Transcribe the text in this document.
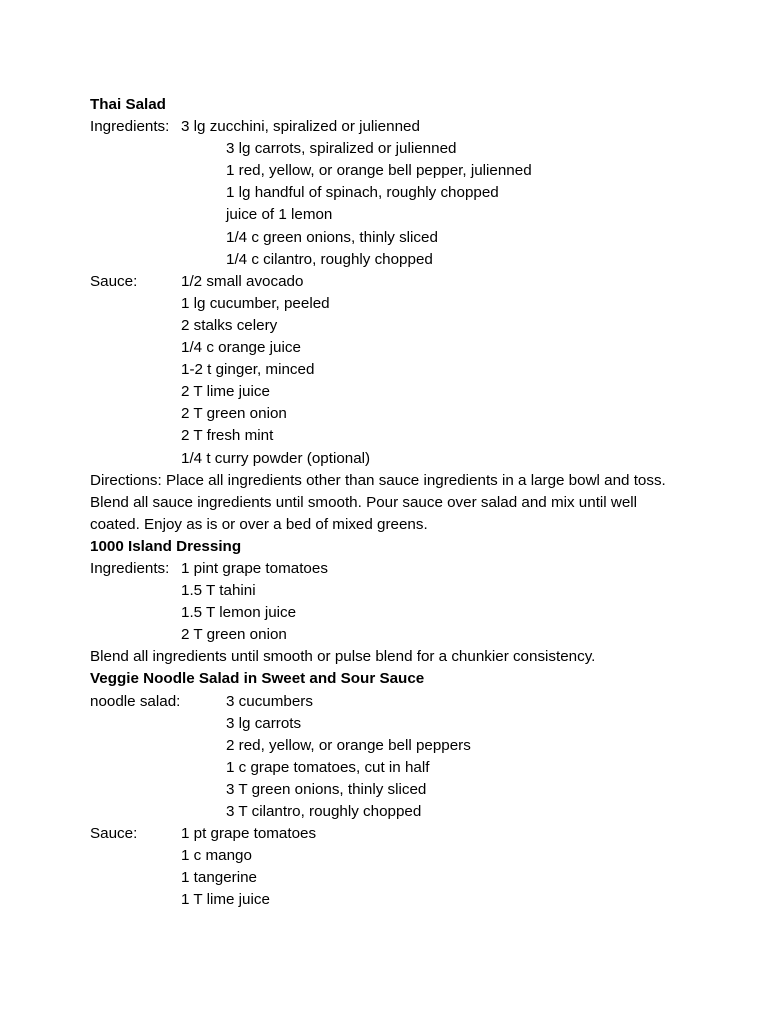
Thai Salad
Ingredients: 3 lg zucchini, spiralized or julienned
3 lg carrots, spiralized or julienned
1 red, yellow, or orange bell pepper, julienned
1 lg handful of spinach, roughly chopped
juice of 1 lemon
1/4 c green onions, thinly sliced
1/4 c cilantro, roughly chopped
Sauce:	1/2 small avocado
1 lg cucumber, peeled
2 stalks celery
1/4 c orange juice
1-2 t ginger, minced
2 T lime juice
2 T green onion
2 T fresh mint
1/4 t curry powder (optional)
Directions: Place all ingredients other than sauce ingredients in a large bowl and toss. Blend all sauce ingredients until smooth. Pour sauce over salad and mix until well coated. Enjoy as is or over a bed of mixed greens.
1000 Island Dressing
Ingredients: 1 pint grape tomatoes
1.5 T tahini
1.5 T lemon juice
2 T green onion
Blend all ingredients until smooth or pulse blend for a chunkier consistency.
Veggie Noodle Salad in Sweet and Sour Sauce
noodle salad:	3 cucumbers
3 lg carrots
2 red, yellow, or orange bell peppers
1 c grape tomatoes, cut in half
3 T green onions, thinly sliced
3 T cilantro, roughly chopped
Sauce:	1 pt grape tomatoes
1 c mango
1 tangerine
1 T lime juice
